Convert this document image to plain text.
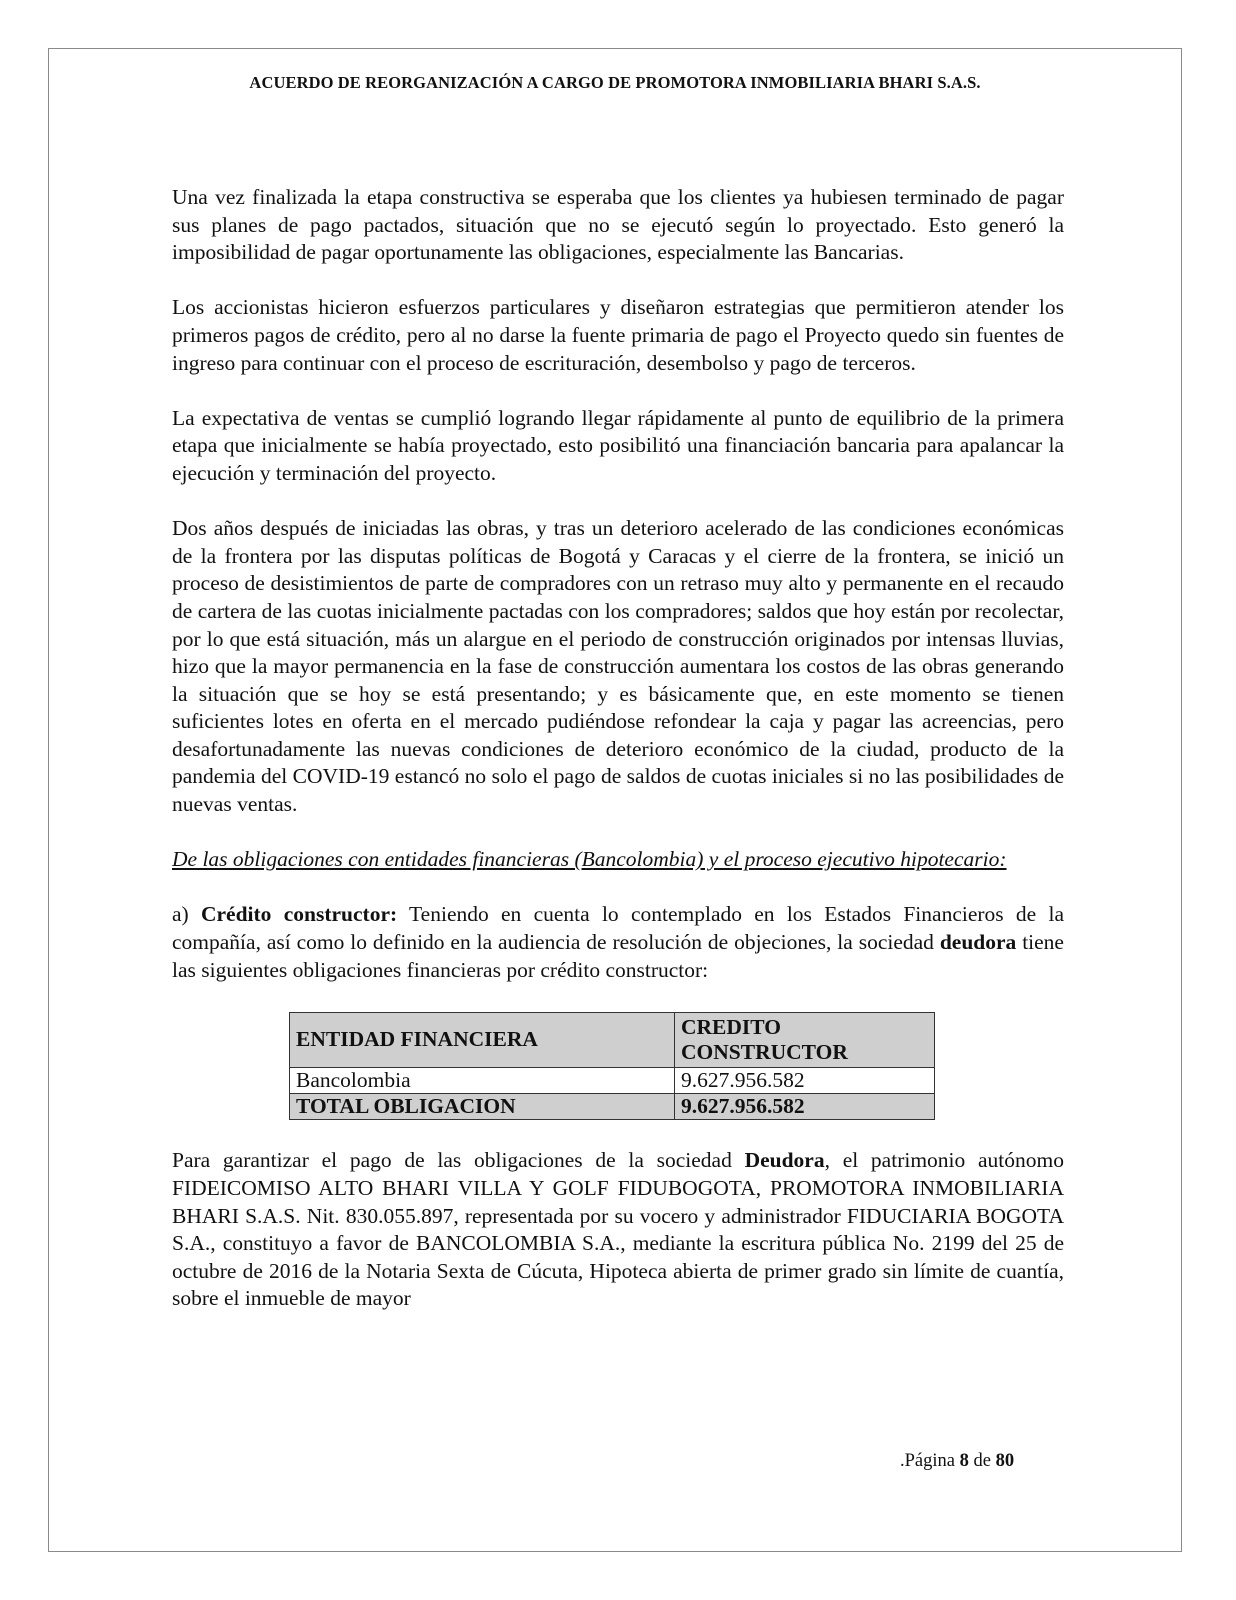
ACUERDO DE REORGANIZACIÓN A CARGO DE PROMOTORA INMOBILIARIA BHARI S.A.S.

Una vez finalizada la etapa constructiva se esperaba que los clientes ya hubiesen terminado de pagar sus planes de pago pactados, situación que no se ejecutó según lo proyectado. Esto generó la imposibilidad de pagar oportunamente las obligaciones, especialmente las Bancarias.

Los accionistas hicieron esfuerzos particulares y diseñaron estrategias que permitieron atender los primeros pagos de crédito, pero al no darse la fuente primaria de pago el Proyecto quedo sin fuentes de ingreso para continuar con el proceso de escrituración, desembolso y pago de terceros.

La expectativa de ventas se cumplió logrando llegar rápidamente al punto de equilibrio de la primera etapa que inicialmente se había proyectado, esto posibilitó una financiación bancaria para apalancar la ejecución y terminación del proyecto.

Dos años después de iniciadas las obras, y tras un deterioro acelerado de las condiciones económicas de la frontera por las disputas políticas de Bogotá y Caracas y el cierre de la frontera, se inició un proceso de desistimientos de parte de compradores con un retraso muy alto y permanente en el recaudo de cartera de las cuotas inicialmente pactadas con los compradores; saldos que hoy están por recolectar, por lo que está situación, más un alargue en el periodo de construcción originados por intensas lluvias, hizo que la mayor permanencia en la fase de construcción aumentara los costos de las obras generando la situación que se hoy se está presentando; y es básicamente que, en este momento se tienen suficientes lotes en oferta en el mercado pudiéndose refondear la caja y pagar las acreencias, pero desafortunadamente las nuevas condiciones de deterioro económico de la ciudad, producto de la pandemia del COVID-19 estancó no solo el pago de saldos de cuotas iniciales si no las posibilidades de nuevas ventas.

De las obligaciones con entidades financieras (Bancolombia) y el proceso ejecutivo hipotecario:

a) Crédito constructor: Teniendo en cuenta lo contemplado en los Estados Financieros de la compañía, así como lo definido en la audiencia de resolución de objeciones, la sociedad deudora tiene las siguientes obligaciones financieras por crédito constructor:

ENTIDAD FINANCIERA	CREDITO CONSTRUCTOR
Bancolombia	9.627.956.582
TOTAL OBLIGACION	9.627.956.582

Para garantizar el pago de las obligaciones de la sociedad Deudora, el patrimonio autónomo FIDEICOMISO ALTO BHARI VILLA Y GOLF FIDUBOGOTA, PROMOTORA INMOBILIARIA BHARI S.A.S. Nit. 830.055.897, representada por su vocero y administrador FIDUCIARIA BOGOTA S.A., constituyo a favor de BANCOLOMBIA S.A., mediante la escritura pública No. 2199 del 25 de octubre de 2016 de la Notaria Sexta de Cúcuta, Hipoteca abierta de primer grado sin límite de cuantía, sobre el inmueble de mayor

.Página 8 de 80
